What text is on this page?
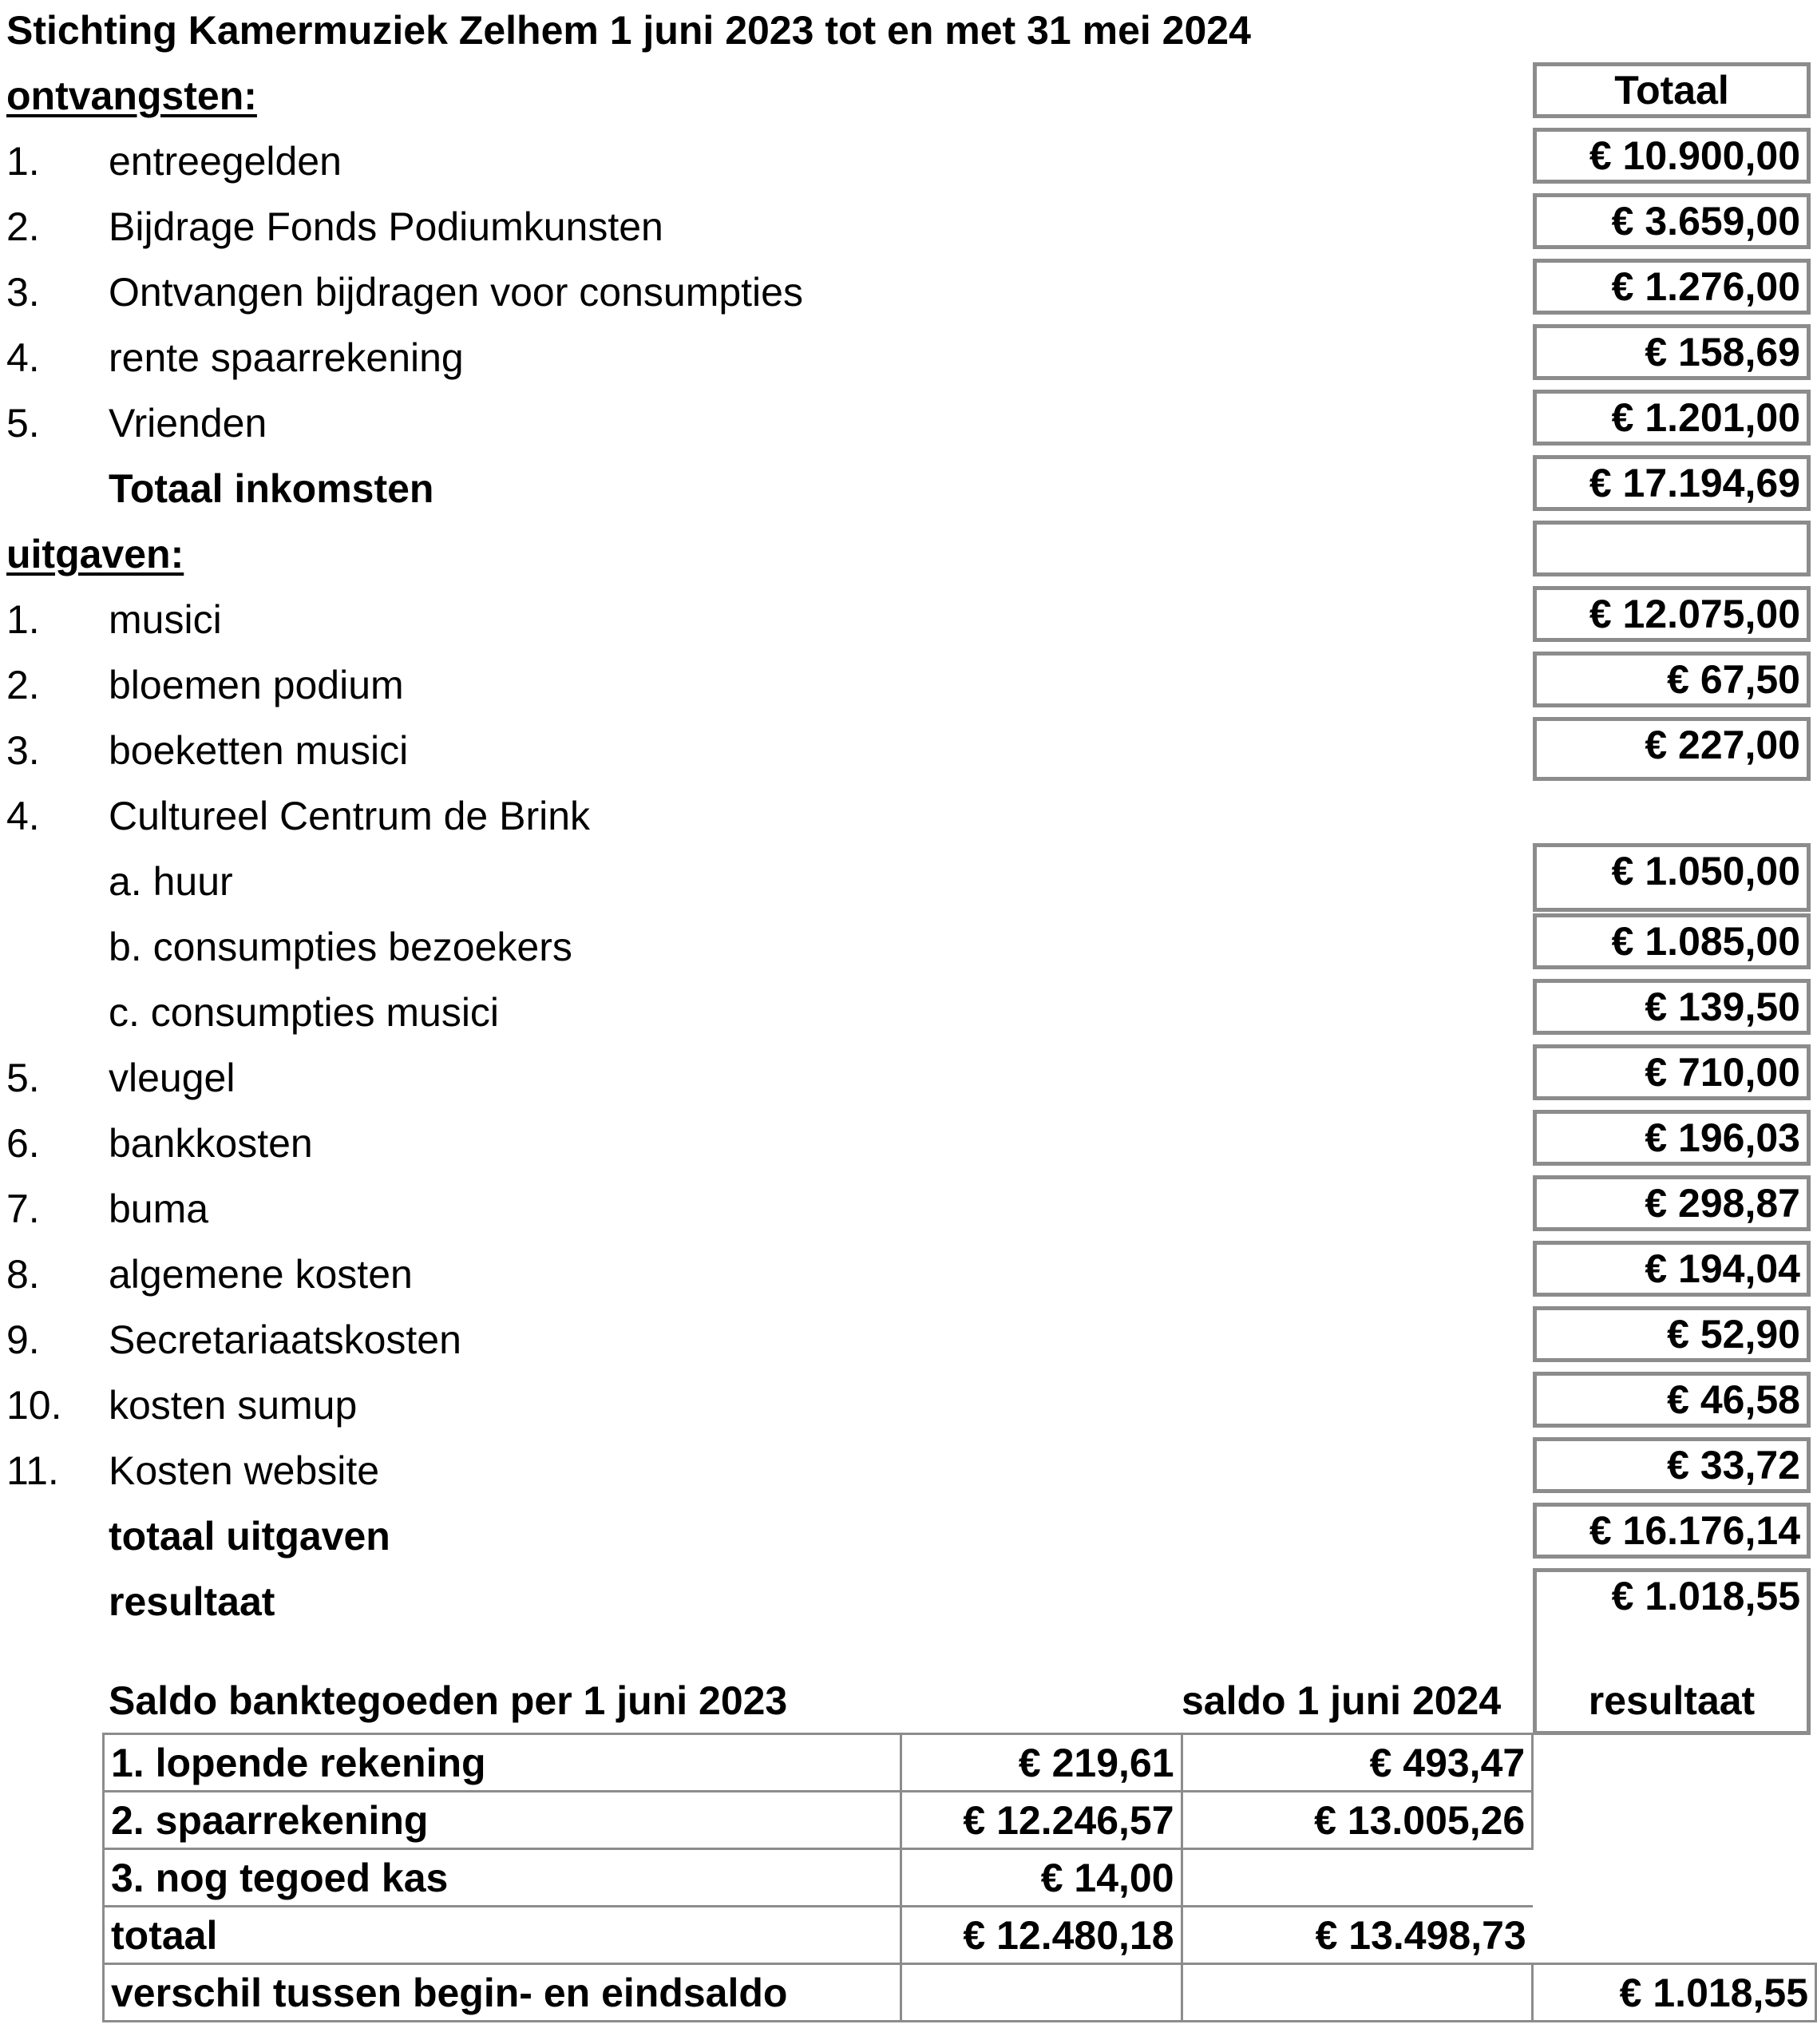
Stichting Kamermuziek Zelhem 1 juni 2023 tot en met 31 mei 2024
ontvangsten:	Totaal
1. entreegelden	€ 10.900,00
2. Bijdrage Fonds Podiumkunsten	€ 3.659,00
3. Ontvangen bijdragen voor consumpties	€ 1.276,00
4. rente spaarrekening	€ 158,69
5. Vrienden	€ 1.201,00
Totaal inkomsten	€ 17.194,69
uitgaven:
1. musici	€ 12.075,00
2. bloemen podium	€ 67,50
3. boeketten musici	€ 227,00
4. Cultureel Centrum de Brink
a. huur	€ 1.050,00
b. consumpties bezoekers	€ 1.085,00
c. consumpties musici	€ 139,50
5. vleugel	€ 710,00
6. bankkosten	€ 196,03
7. buma	€ 298,87
8. algemene kosten	€ 194,04
9. Secretariaatskosten	€ 52,90
10. kosten sumup	€ 46,58
11. Kosten website	€ 33,72
totaal uitgaven	€ 16.176,14
resultaat	€ 1.018,55
Saldo banktegoeden per 1 juni 2023	saldo 1 juni 2024	resultaat
1. lopende rekening	€ 219,61	€ 493,47	
2. spaarrekening	€ 12.246,57	€ 13.005,26	
3. nog tegoed kas	€ 14,00		
totaal	€ 12.480,18	€ 13.498,73	
verschil tussen begin- en eindsaldo			€ 1.018,55
